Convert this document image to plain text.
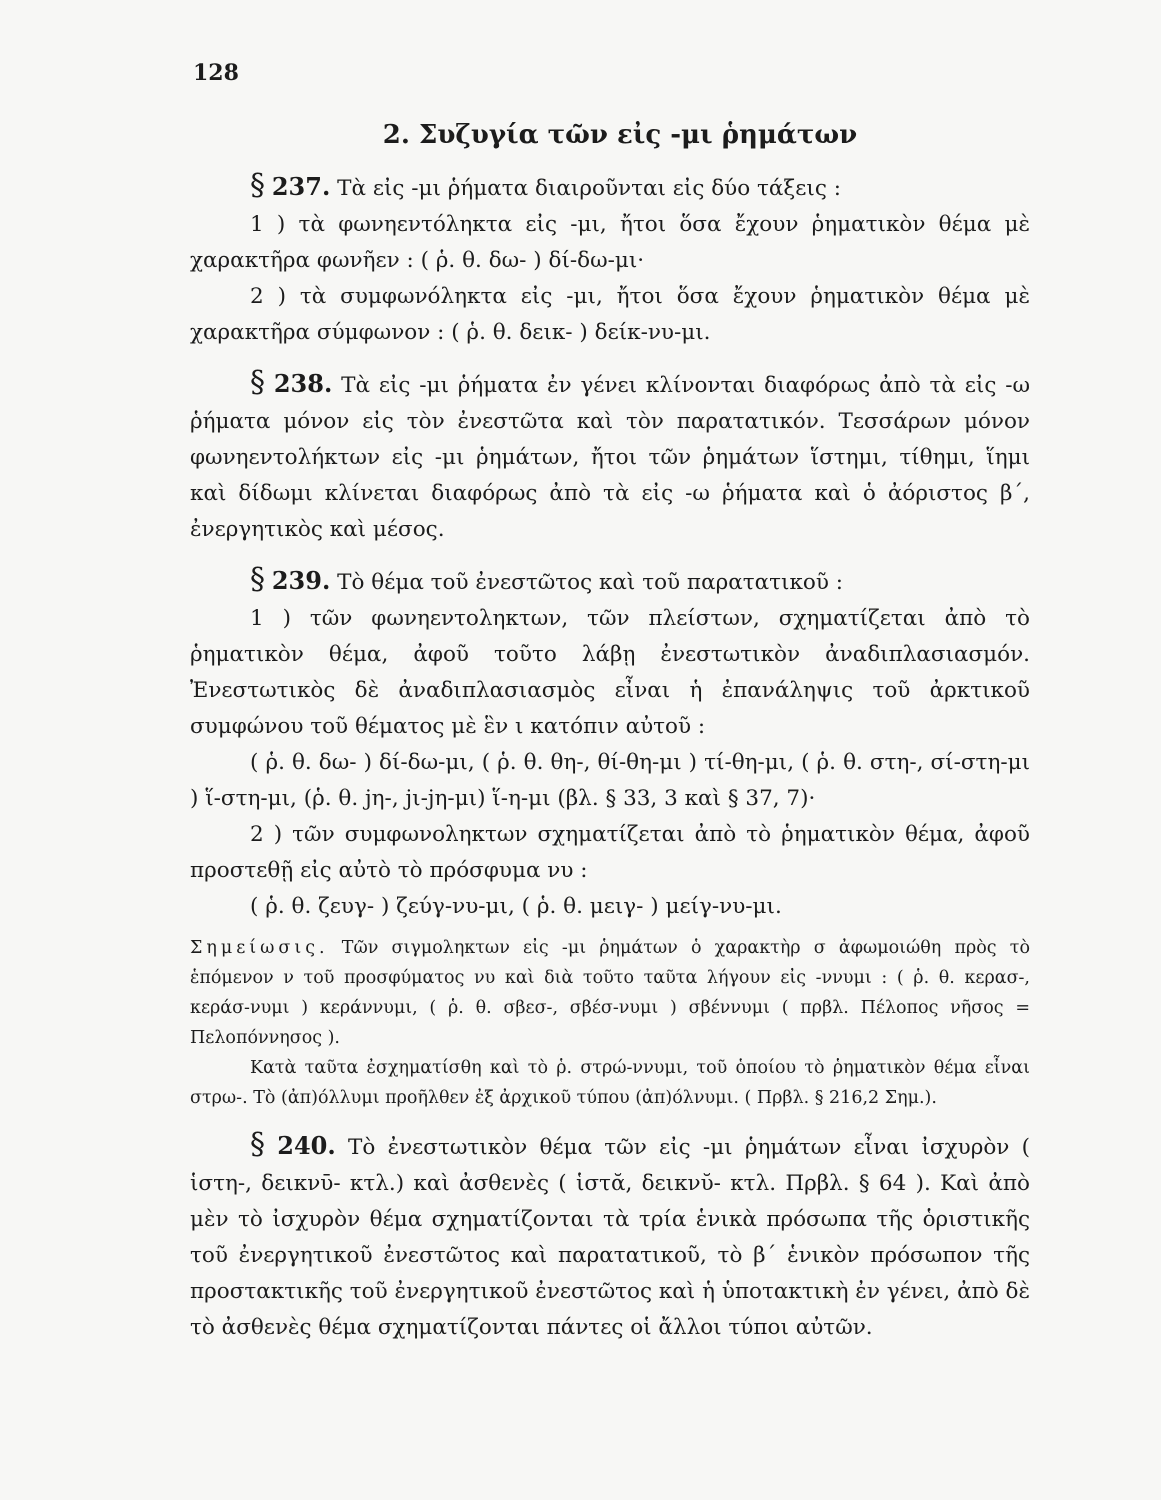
128
2. Συζυγία τῶν εἰς -μι ῥημάτων

§ 237. Τὰ εἰς -μι ῥήματα διαιροῦνται εἰς δύο τάξεις :

1 ) τὰ φωνηεντόληκτα εἰς -μι, ἤτοι ὅσα ἔχουν ῥηματικὸν θέμα μὲ χαρακτῆρα φωνῆεν : ( ῥ. θ. δω- ) δί-δω-μι·

2 ) τὰ συμφωνόληκτα εἰς -μι, ἤτοι ὅσα ἔχουν ῥηματικὸν θέμα μὲ χαρακτῆρα σύμφωνον : ( ῥ. θ. δεικ- ) δείκ-νυ-μι.

§ 238. Τὰ εἰς -μι ῥήματα ἐν γένει κλίνονται διαφόρως ἀπὸ τὰ εἰς -ω ῥήματα μόνον εἰς τὸν ἐνεστῶτα καὶ τὸν παρατατικόν. Τεσσάρων μόνον φωνηεντολήκτων εἰς -μι ῥημάτων, ἤτοι τῶν ῥημάτων ἵστημι, τίθημι, ἵημι καὶ δίδωμι κλίνεται διαφόρως ἀπὸ τὰ εἰς -ω ῥήματα καὶ ὁ ἀόριστος β΄, ἐνεργητικὸς καὶ μέσος.

§ 239. Τὸ θέμα τοῦ ἐνεστῶτος καὶ τοῦ παρατατικοῦ :

1 ) τῶν φωνηεντοληκτων, τῶν πλείστων, σχηματίζεται ἀπὸ τὸ ῥηματικὸν θέμα, ἀφοῦ τοῦτο λάβῃ ἐνεστωτικὸν ἀναδιπλασιασμόν. Ἐνεστωτικὸς δὲ ἀναδιπλασιασμὸς εἶναι ἡ ἐπανάληψις τοῦ ἀρκτικοῦ συμφώνου τοῦ θέματος μὲ ἓν ι κατόπιν αὐτοῦ :

( ῥ. θ. δω- ) δί-δω-μι, ( ῥ. θ. θη-, θί-θη-μι ) τί-θη-μι, ( ῥ. θ. στη-, σί-στη-μι ) ἵ-στη-μι, (ῥ. θ. jη-, jι-jη-μι) ἵ-η-μι (βλ. § 33, 3 καὶ § 37, 7)·

2 ) τῶν συμφωνοληκτων σχηματίζεται ἀπὸ τὸ ῥηματικὸν θέμα, ἀφοῦ προστεθῇ εἰς αὐτὸ τὸ πρόσφυμα νυ :

( ῥ. θ. ζευγ- ) ζεύγ-νυ-μι, ( ῥ. θ. μειγ- ) μείγ-νυ-μι.

Σημείωσις. Τῶν σιγμοληκτων εἰς -μι ῥημάτων ὁ χαρακτὴρ σ ἀφωμοιώθη πρὸς τὸ ἑπόμενον ν τοῦ προσφύματος νυ καὶ διὰ τοῦτο ταῦτα λήγουν εἰς -ννυμι : ( ῥ. θ. κερασ-, κεράσ-νυμι ) κεράννυμι, ( ῥ. θ. σβεσ-, σβέσ-νυμι ) σβέννυμι ( πρβλ. Πέλοπος νῆσος = Πελοπόννησος ).

Κατὰ ταῦτα ἐσχηματίσθη καὶ τὸ ῥ. στρώ-ννυμι, τοῦ ὁποίου τὸ ῥηματικὸν θέμα εἶναι στρω-. Τὸ (ἀπ)όλλυμι προῆλθεν ἐξ ἀρχικοῦ τύπου (ἀπ)όλνυμι. ( Πρβλ. § 216,2 Σημ.).

§ 240. Τὸ ἐνεστωτικὸν θέμα τῶν εἰς -μι ῥημάτων εἶναι ἰσχυρὸν ( ἱστη-, δεικνῡ- κτλ.) καὶ ἀσθενὲς ( ἱστᾰ, δεικνῠ- κτλ. Πρβλ. § 64 ). Καὶ ἀπὸ μὲν τὸ ἰσχυρὸν θέμα σχηματίζονται τὰ τρία ἑνικὰ πρόσωπα τῆς ὁριστικῆς τοῦ ἐνεργητικοῦ ἐνεστῶτος καὶ παρατατικοῦ, τὸ β΄ ἑνικὸν πρόσωπον τῆς προστακτικῆς τοῦ ἐνεργητικοῦ ἐνεστῶτος καὶ ἡ ὑποτακτικὴ ἐν γένει, ἀπὸ δὲ τὸ ἀσθενὲς θέμα σχηματίζονται πάντες οἱ ἄλλοι τύποι αὐτῶν.
